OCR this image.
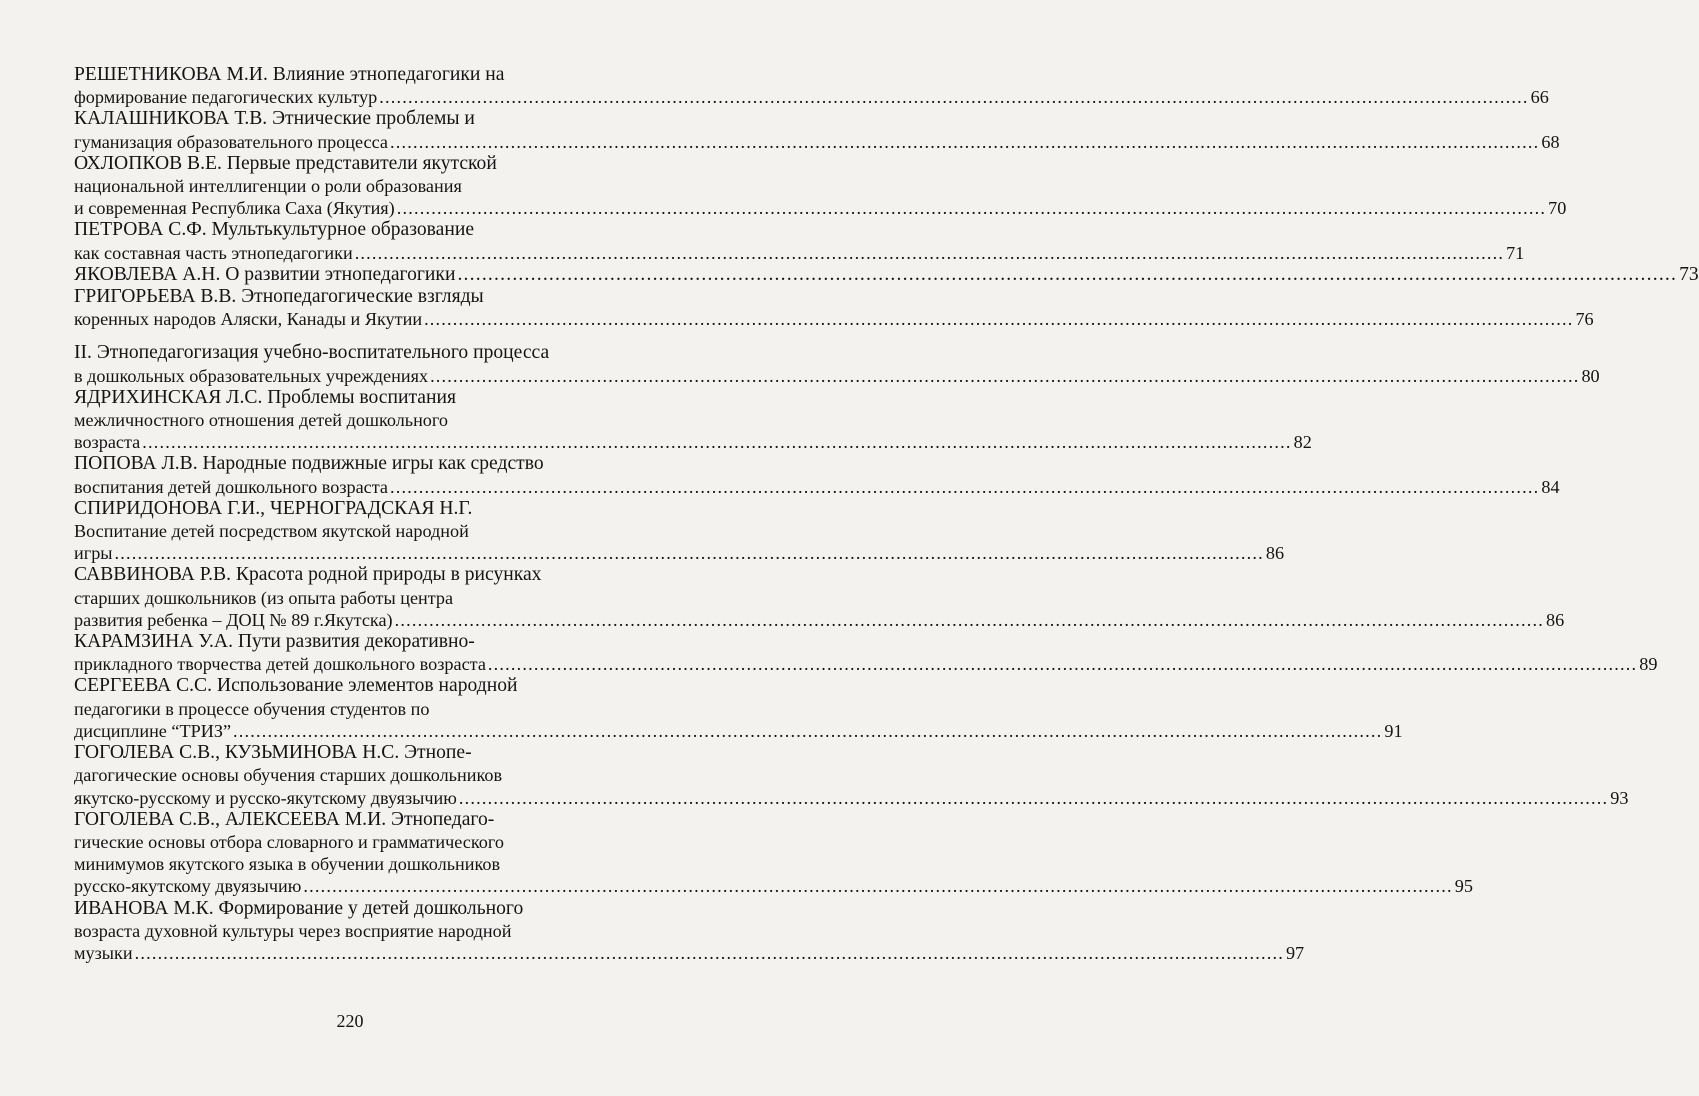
РЕШЕТНИКОВА М.И. Влияние этнопедагогики на

формирование педагогических культур ........................................................................................................................................................................................................ 66

КАЛАШНИКОВА Т.В. Этнические проблемы и

гуманизация образовательного процесса ........................................................................................................................................................................................................ 68

ОХЛОПКОВ В.Е. Первые представители якутской

национальной интеллигенции о роли образования

и современная Республика Саха (Якутия) ........................................................................................................................................................................................................ 70

ПЕТРОВА С.Ф. Мультькультурное образование

как составная часть этнопедагогики ........................................................................................................................................................................................................ 71
ЯКОВЛЕВА А.Н. О развитии этнопедагогики ........................................................................................................................................................................................................ 73

ГРИГОРЬЕВА В.В. Этнопедагогические взгляды

коренных народов Аляски, Канады и Якутии ........................................................................................................................................................................................................ 76

II. Этнопедагогизация учебно-воспитательного процесса

в дошкольных образовательных учреждениях ........................................................................................................................................................................................................ 80

ЯДРИХИНСКАЯ Л.С. Проблемы воспитания

межличностного отношения детей дошкольного

возраста ........................................................................................................................................................................................................ 82

ПОПОВА Л.В. Народные подвижные игры как средство

воспитания детей дошкольного возраста ........................................................................................................................................................................................................ 84

СПИРИДОНОВА Г.И., ЧЕРНОГРАДСКАЯ Н.Г.

Воспитание детей посредством якутской народной

игры ........................................................................................................................................................................................................ 86

САВВИНОВА Р.В. Красота родной природы в рисунках

старших дошкольников (из опыта работы центра

развития ребенка – ДОЦ № 89 г.Якутска) ........................................................................................................................................................................................................ 86

КАРАМЗИНА У.А. Пути развития декоративно-

прикладного творчества детей дошкольного возраста ........................................................................................................................................................................................................ 89

СЕРГЕЕВА С.С. Использование элементов народной

педагогики в процессе обучения студентов по

дисциплине “ТРИЗ” ........................................................................................................................................................................................................ 91

ГОГОЛЕВА С.В., КУЗЬМИНОВА Н.С. Этнопе-

дагогические основы обучения старших дошкольников

якутско-русскому и русско-якутскому двуязычию ........................................................................................................................................................................................................ 93

ГОГОЛЕВА С.В., АЛЕКСЕЕВА М.И. Этнопедаго-

гические основы отбора словарного и грамматического

минимумов якутского языка в обучении дошкольников

русско-якутскому двуязычию ........................................................................................................................................................................................................ 95

ИВАНОВА М.К. Формирование у детей дошкольного

возраста духовной культуры через восприятие народной

музыки ........................................................................................................................................................................................................ 97
220
